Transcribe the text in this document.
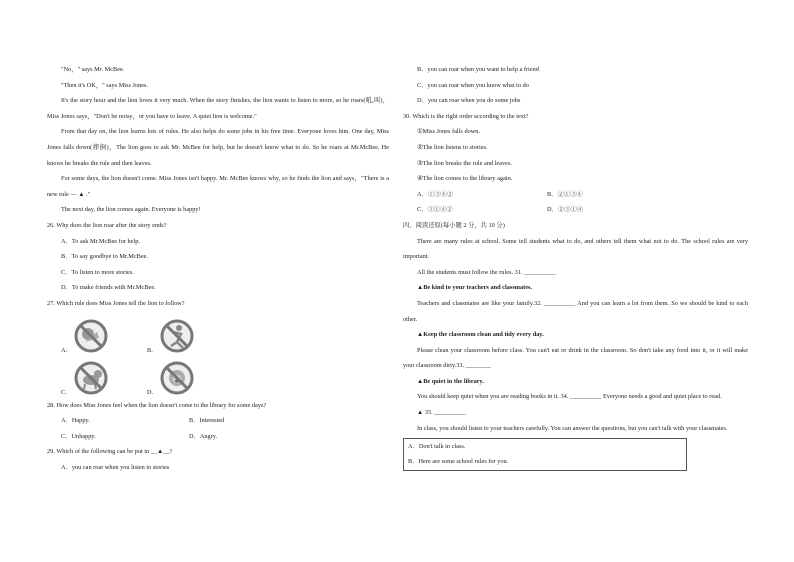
"No，" says Mr. McBee.

"Then it's OK，" says Miss Jones.

It's the story hour and the lion loves it very much. When the story finishes, the lion wants to listen to more, so he roars(吼,叫)，Miss Jones says，"Don't be noisy，or you have to leave. A quiet lion is welcome."

From that day on, the lion learns lots of rules. He also helps do some jobs in his free time. Everyone loves him. One day, Miss Jones falls down(摔倒)，The lion goes to ask Mr. McBee for help, but he doesn't know what to do. So he roars at Mr.McBee. He knows he breaks the rule and then leaves.

For some days, the lion doesn't come. Miss Jones isn't happy. Mr. McBee knows why, so he finds the lion and says，"There is a new rule — ▲ ."

The next day, the lion comes again. Everyone is happy!

26. Why does the lion roar after the story ends?

A．To ask Mr.McBee for help.

B．To say goodbye to Mr.McBee.

C．To listen to more stories.

D．To make friends with Mr.McBee.

27. Which rule does Miss Jones tell the lion to follow?

A.	B.
C.	D.

28. How does Miss Jones feel when the lion doesn't come to the library for some days?

A．Happy.	B．Interested
C．Unhappy.	D．Angry.

29. Which of the following can be put in __▲__?

A．you can roar when you listen to stories

B．you can roar when you want to help a friend

C．you can roar when you know what to do

D．you can roar when you do some jobs

30. Which is the right order according to the text?

①Miss Jones falls down.

②The lion listens to stories.

③The lion breaks the rule and leaves.

④The lion comes to the library again.

A．①③④②	B．②①③④
C．③①④②	D．②③①④

四、阅读还原(每小题 2 分，共 10 分)

There are many rules at school. Some tell students what to do, and others tell them what not to do. The school rules are very important.

All the students must follow the rules. 31. __________

▲Be kind to your teachers and classmates.

Teachers and classmates are like your family.32. __________ And you can learn a lot from them. So we should be kind to each other.

▲Keep the classroom clean and tidy every day.

Please clean your classroom before class. You can't eat or drink in the classroom. So don't take any food into it, or it will make your classroom dirty.33. ________

▲Be quiet in the library.

You should keep quiet when you are reading books in it. 34. __________ Everyone needs a good and quiet place to read.

▲ 35. __________

In class, you should listen to your teachers carefully. You can answer the questions, but you can't talk with your classmates.

A．Don't talk in class.

B．Here are some school rules for you.
